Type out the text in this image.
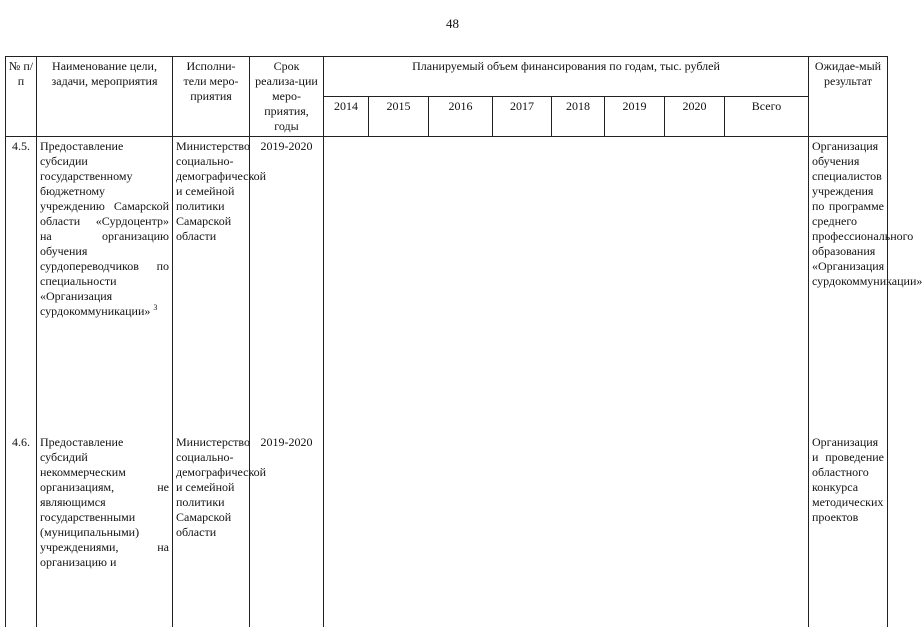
48
№ п/п	Наименование цели, задачи, мероприятия	Исполни-тели меро-приятия	Срок реализа-ции меро-приятия, годы	Планируемый объем финансирования по годам, тыс. рублей								Ожидае-мый результат
				2014	2015	2016	2017	2018	2019	2020	Всего	
4.5.	Предоставление субсидии государственному бюджетному учреждению Самарской области «Сурдоцентр» на организацию обучения сурдопереводчиков по специальности «Организация сурдокоммуникации» $^3$	Министерство социально-демографической и семейной политики Самарской области	2019-2020									Организация обучения специалистов учреждения по программе среднего профессионального образования «Организация сурдокоммуникации»
4.6.	Предоставление субсидий некоммерческим организациям, не являющимся государственными (муниципальными) учреждениями, на организацию и	Министерство социально-демографической и семейной политики Самарской области	2019-2020									Организация и проведение областного конкурса методических проектов
